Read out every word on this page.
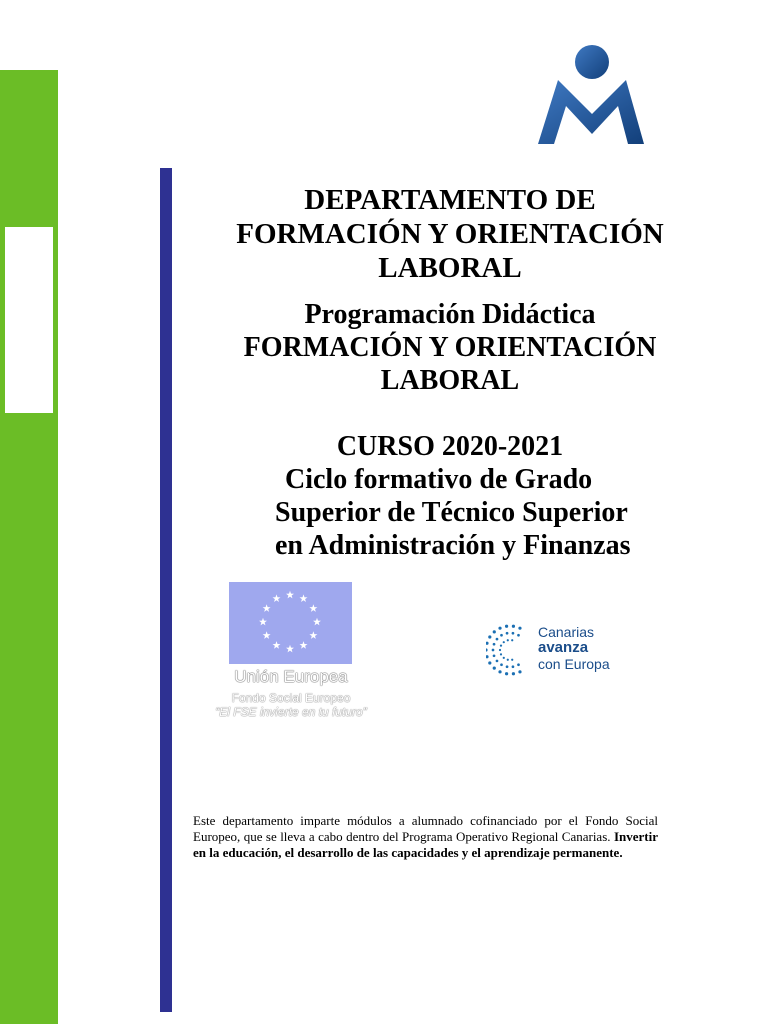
DEPARTAMENTO DE
FORMACIÓN Y ORIENTACIÓN
LABORAL
Programación Didáctica
FORMACIÓN Y ORIENTACIÓN
LABORAL
CURSO 2020-2021
Ciclo formativo de Grado
Superior de Técnico Superior
en Administración y Finanzas
Unión Europea
Fondo Social Europeo
“El FSE invierte en tu futuro”
Canarias
avanza
con Europa
Este departamento imparte módulos a alumnado cofinanciado por el Fondo Social Europeo, que se lleva a cabo dentro del Programa Operativo Regional Canarias. Invertir en la educación, el desarrollo de las capacidades y el aprendizaje permanente.
